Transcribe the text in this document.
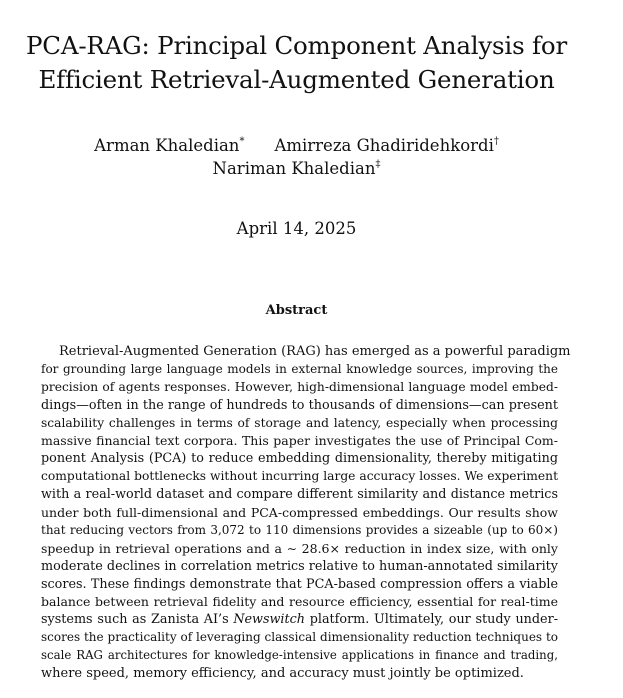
PCA-RAG: Principal Component Analysis for
Efficient Retrieval-Augmented Generation
Arman Khaledian* Amirreza Ghadiridehkordi†
Nariman Khaledian‡
April 14, 2025
Abstract
Retrieval-Augmented Generation (RAG) has emerged as a powerful paradigm
for grounding large language models in external knowledge sources, improving the
precision of agents responses. However, high-dimensional language model embed-
dings—often in the range of hundreds to thousands of dimensions—can present
scalability challenges in terms of storage and latency, especially when processing
massive financial text corpora. This paper investigates the use of Principal Com-
ponent Analysis (PCA) to reduce embedding dimensionality, thereby mitigating
computational bottlenecks without incurring large accuracy losses. We experiment
with a real-world dataset and compare different similarity and distance metrics
under both full-dimensional and PCA-compressed embeddings. Our results show
that reducing vectors from 3,072 to 110 dimensions provides a sizeable (up to 60×)
speedup in retrieval operations and a ∼ 28.6× reduction in index size, with only
moderate declines in correlation metrics relative to human-annotated similarity
scores. These findings demonstrate that PCA-based compression offers a viable
balance between retrieval fidelity and resource efficiency, essential for real-time
systems such as Zanista AI’s Newswitch platform. Ultimately, our study under-
scores the practicality of leveraging classical dimensionality reduction techniques to
scale RAG architectures for knowledge-intensive applications in finance and trading,
where speed, memory efficiency, and accuracy must jointly be optimized.
